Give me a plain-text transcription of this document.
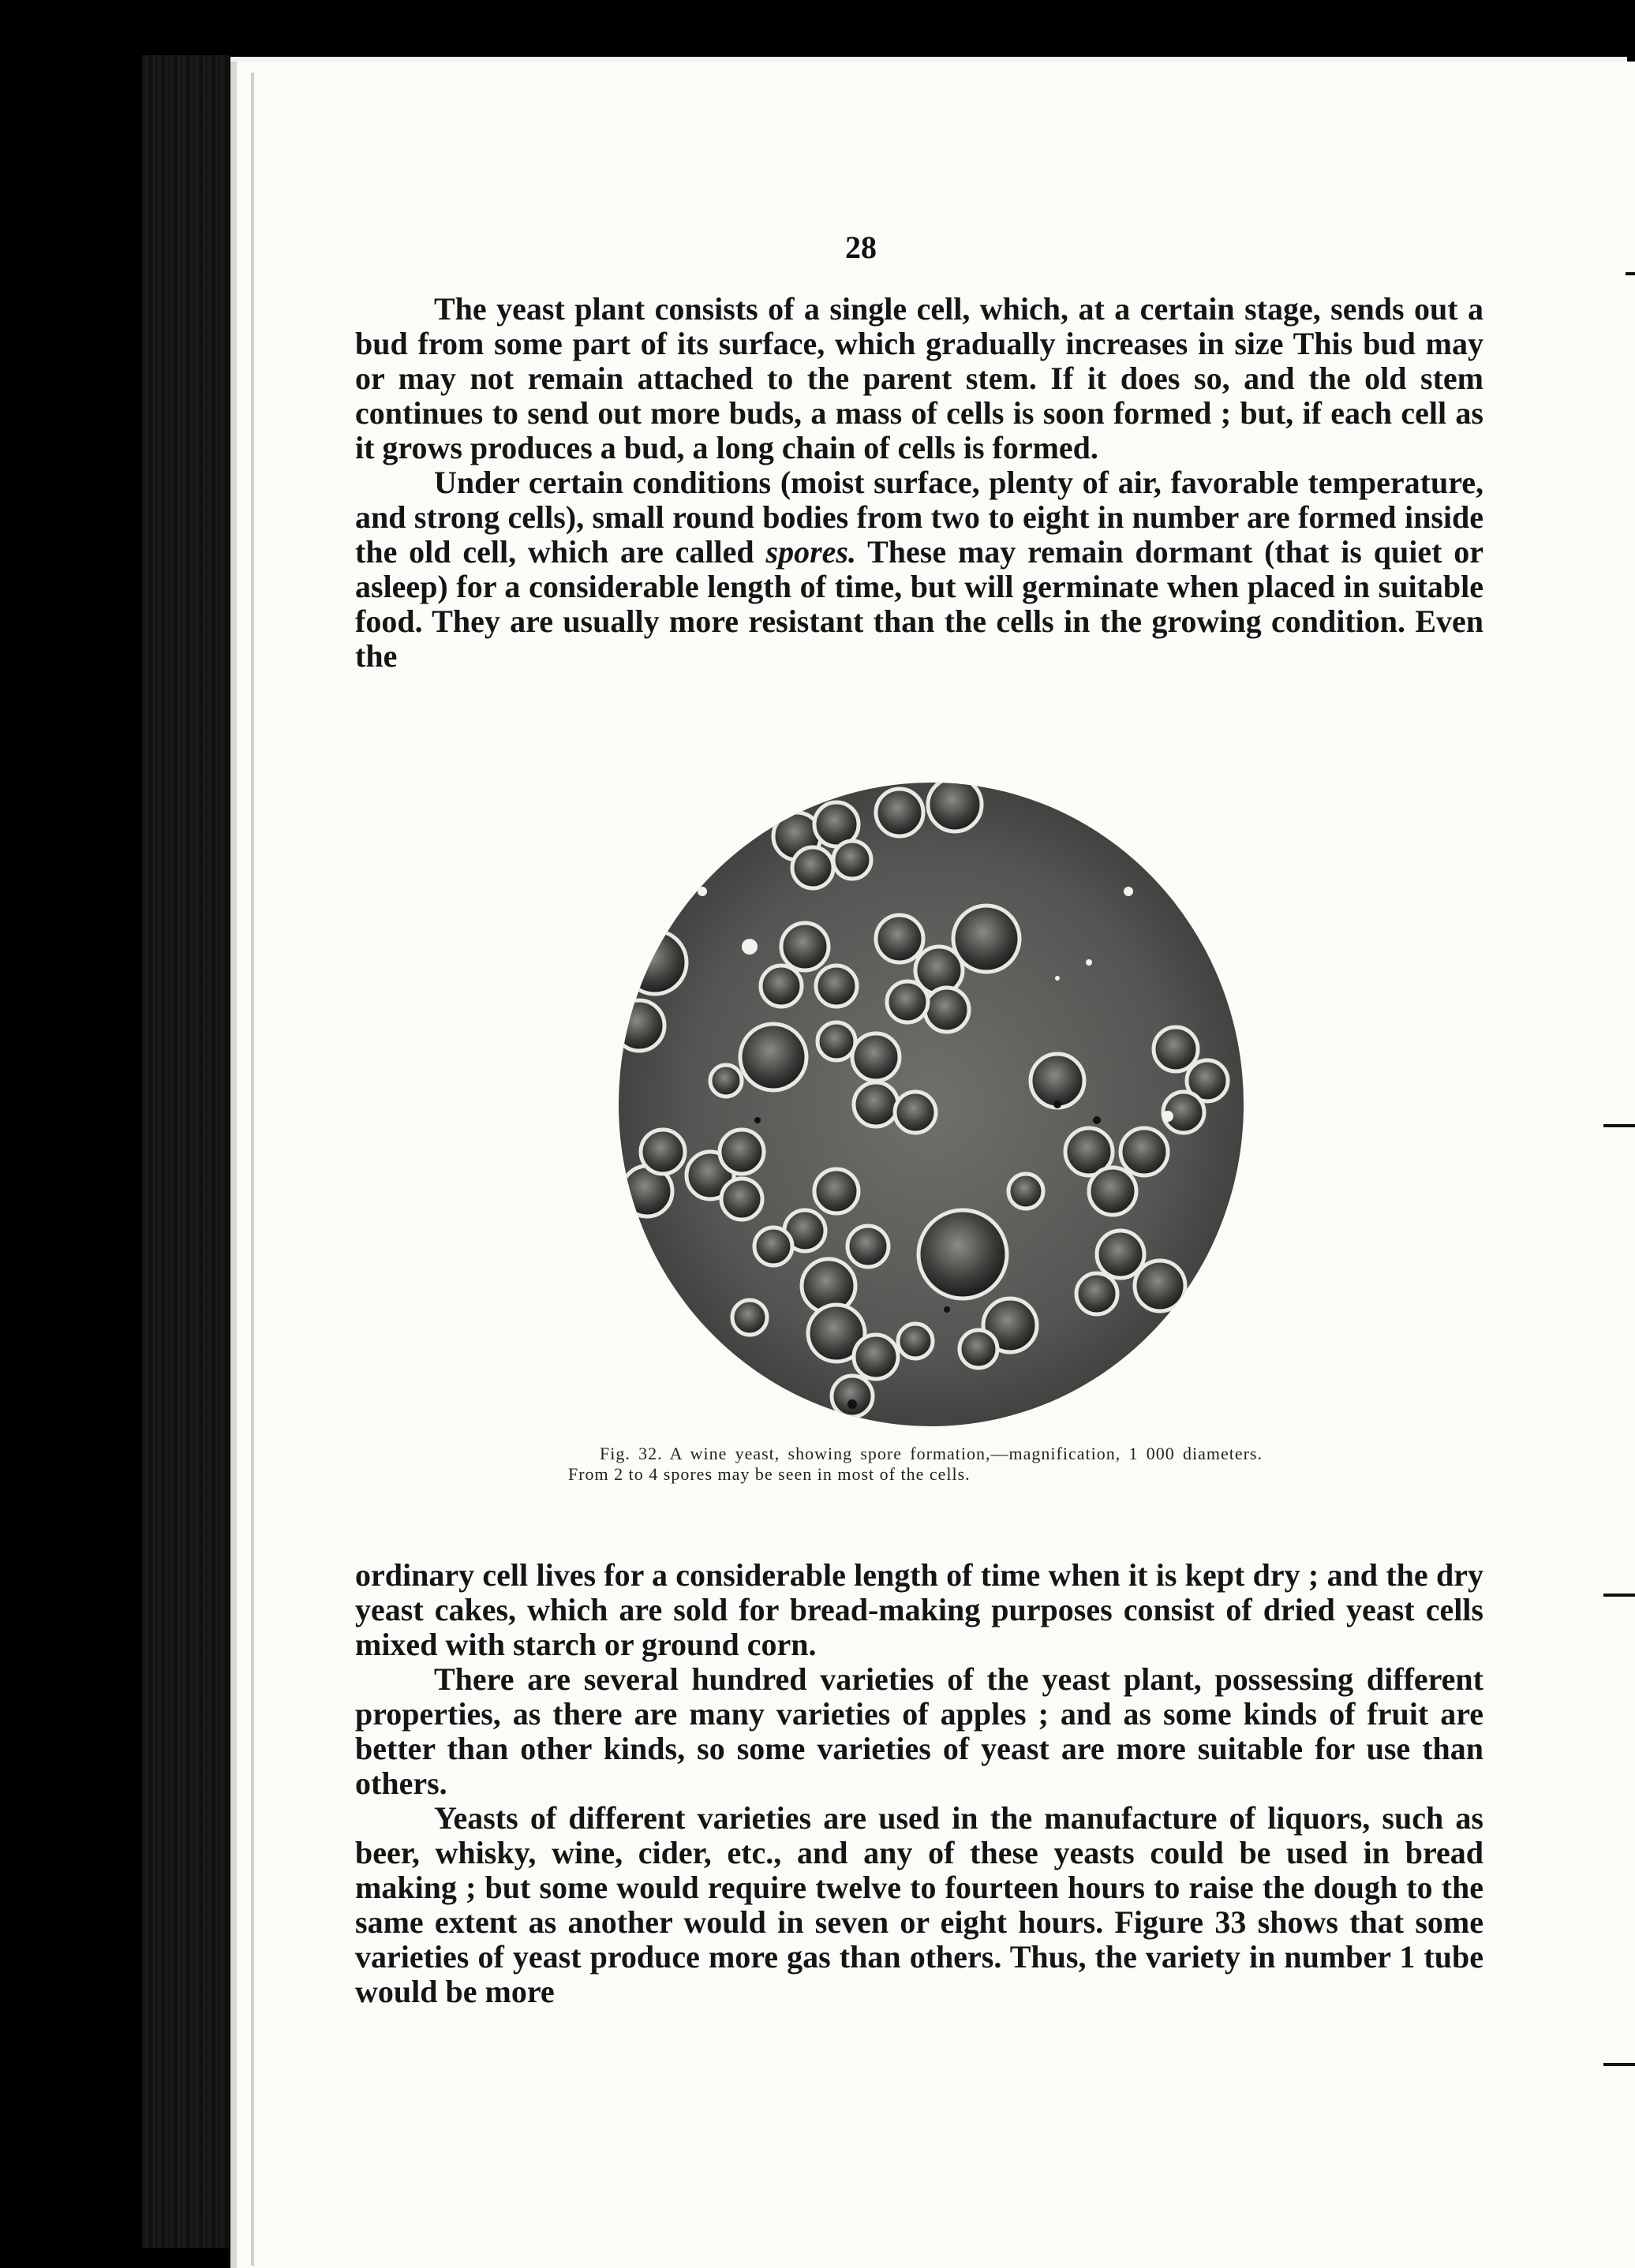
28

The yeast plant consists of a single cell, which, at a certain stage, sends out a bud from some part of its surface, which gradually increases in size This bud may or may not remain attached to the parent stem. If it does so, and the old stem continues to send out more buds, a mass of cells is soon formed ; but, if each cell as it grows produces a bud, a long chain of cells is formed.

Under certain conditions (moist surface, plenty of air, favorable temperature, and strong cells), small round bodies from two to eight in number are formed inside the old cell, which are called spores. These may remain dormant (that is quiet or asleep) for a considerable length of time, but will germinate when placed in suitable food. They are usually more resistant than the cells in the growing condition. Even the

Fig. 32. A wine yeast, showing spore formation,—magnification, 1 000 diameters. From 2 to 4 spores may be seen in most of the cells.

ordinary cell lives for a considerable length of time when it is kept dry ; and the dry yeast cakes, which are sold for bread-making purposes consist of dried yeast cells mixed with starch or ground corn.

There are several hundred varieties of the yeast plant, possessing different properties, as there are many varieties of apples ; and as some kinds of fruit are better than other kinds, so some varieties of yeast are more suitable for use than others.

Yeasts of different varieties are used in the manufacture of liquors, such as beer, whisky, wine, cider, etc., and any of these yeasts could be used in bread making ; but some would require twelve to fourteen hours to raise the dough to the same extent as another would in seven or eight hours. Figure 33 shows that some varieties of yeast produce more gas than others. Thus, the variety in number 1 tube would be more
